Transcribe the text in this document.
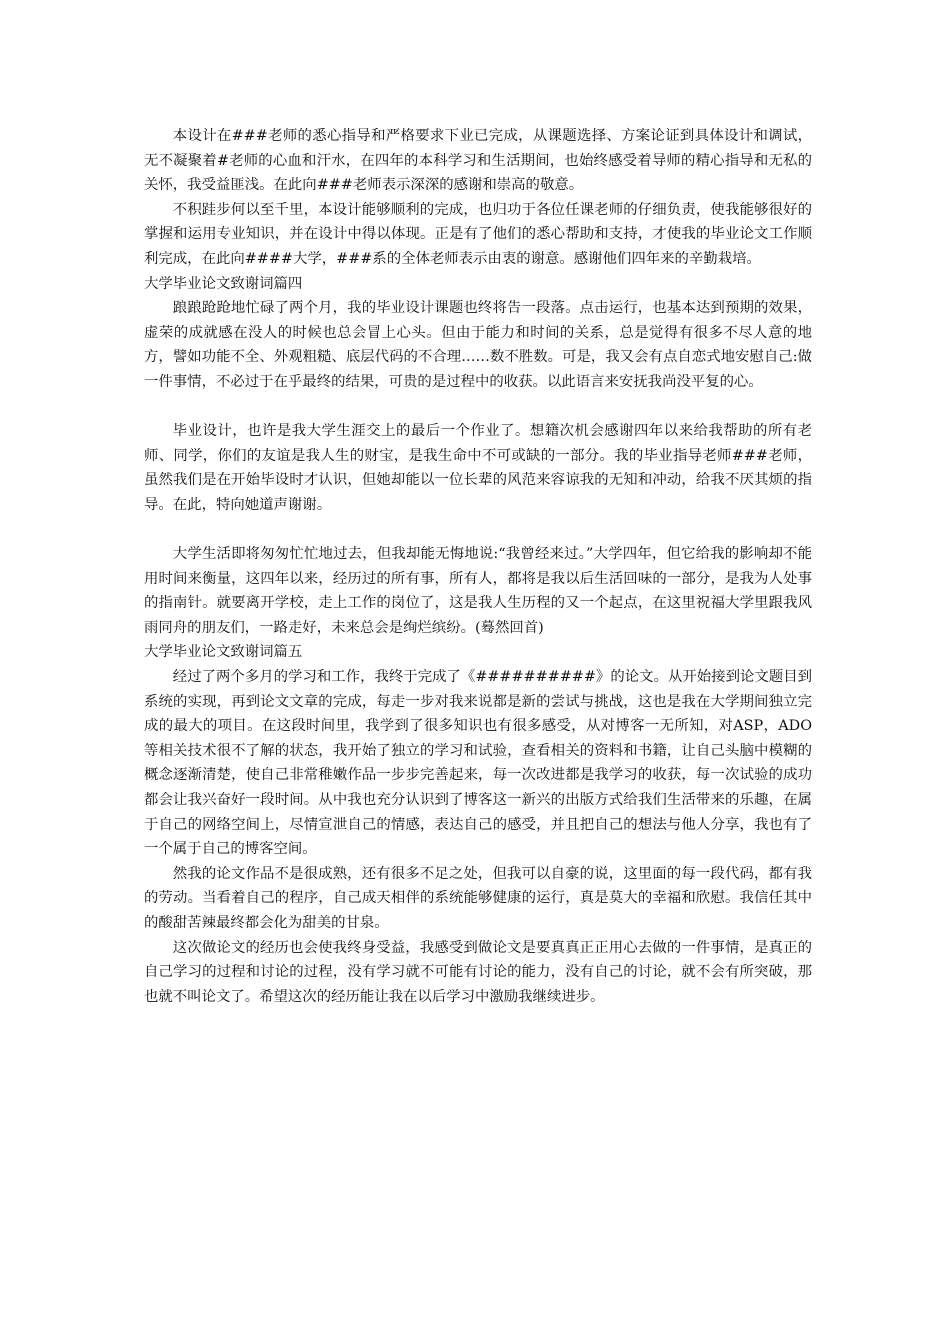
本设计在###老师的悉心指导和严格要求下业已完成，从课题选择、方案论证到具体设计和调试，无不凝聚着#老师的心血和汗水，在四年的本科学习和生活期间，也始终感受着导师的精心指导和无私的关怀，我受益匪浅。在此向###老师表示深深的感谢和崇高的敬意。

不积跬步何以至千里，本设计能够顺利的完成，也归功于各位任课老师的仔细负责，使我能够很好的掌握和运用专业知识，并在设计中得以体现。正是有了他们的悉心帮助和支持，才使我的毕业论文工作顺利完成，在此向####大学，###系的全体老师表示由衷的谢意。感谢他们四年来的辛勤栽培。

大学毕业论文致谢词篇四

踉踉跄跄地忙碌了两个月，我的毕业设计课题也终将告一段落。点击运行，也基本达到预期的效果，虚荣的成就感在没人的时候也总会冒上心头。但由于能力和时间的关系，总是觉得有很多不尽人意的地方，譬如功能不全、外观粗糙、底层代码的不合理……数不胜数。可是，我又会有点自恋式地安慰自己:做一件事情，不必过于在乎最终的结果，可贵的是过程中的收获。以此语言来安抚我尚没平复的心。

毕业设计，也许是我大学生涯交上的最后一个作业了。想籍次机会感谢四年以来给我帮助的所有老师、同学，你们的友谊是我人生的财宝，是我生命中不可或缺的一部分。我的毕业指导老师###老师，虽然我们是在开始毕设时才认识，但她却能以一位长辈的风范来容谅我的无知和冲动，给我不厌其烦的指导。在此，特向她道声谢谢。

大学生活即将匆匆忙忙地过去，但我却能无悔地说:“我曾经来过。”大学四年，但它给我的影响却不能用时间来衡量，这四年以来，经历过的所有事，所有人，都将是我以后生活回味的一部分，是我为人处事的指南针。就要离开学校，走上工作的岗位了，这是我人生历程的又一个起点，在这里祝福大学里跟我风雨同舟的朋友们，一路走好，未来总会是绚烂缤纷。(蓦然回首)

大学毕业论文致谢词篇五

经过了两个多月的学习和工作，我终于完成了《##########》的论文。从开始接到论文题目到系统的实现，再到论文文章的完成，每走一步对我来说都是新的尝试与挑战，这也是我在大学期间独立完成的最大的项目。在这段时间里，我学到了很多知识也有很多感受，从对博客一无所知，对ASP，ADO等相关技术很不了解的状态，我开始了独立的学习和试验，查看相关的资料和书籍，让自己头脑中模糊的概念逐渐清楚，使自己非常稚嫩作品一步步完善起来，每一次改进都是我学习的收获，每一次试验的成功都会让我兴奋好一段时间。从中我也充分认识到了博客这一新兴的出版方式给我们生活带来的乐趣，在属于自己的网络空间上，尽情宣泄自己的情感，表达自己的感受，并且把自己的想法与他人分享，我也有了一个属于自己的博客空间。

然我的论文作品不是很成熟，还有很多不足之处，但我可以自豪的说，这里面的每一段代码，都有我的劳动。当看着自己的程序，自己成天相伴的系统能够健康的运行，真是莫大的幸福和欣慰。我信任其中的酸甜苦辣最终都会化为甜美的甘泉。

这次做论文的经历也会使我终身受益，我感受到做论文是要真真正正用心去做的一件事情，是真正的自己学习的过程和讨论的过程，没有学习就不可能有讨论的能力，没有自己的讨论，就不会有所突破，那也就不叫论文了。希望这次的经历能让我在以后学习中激励我继续进步。
